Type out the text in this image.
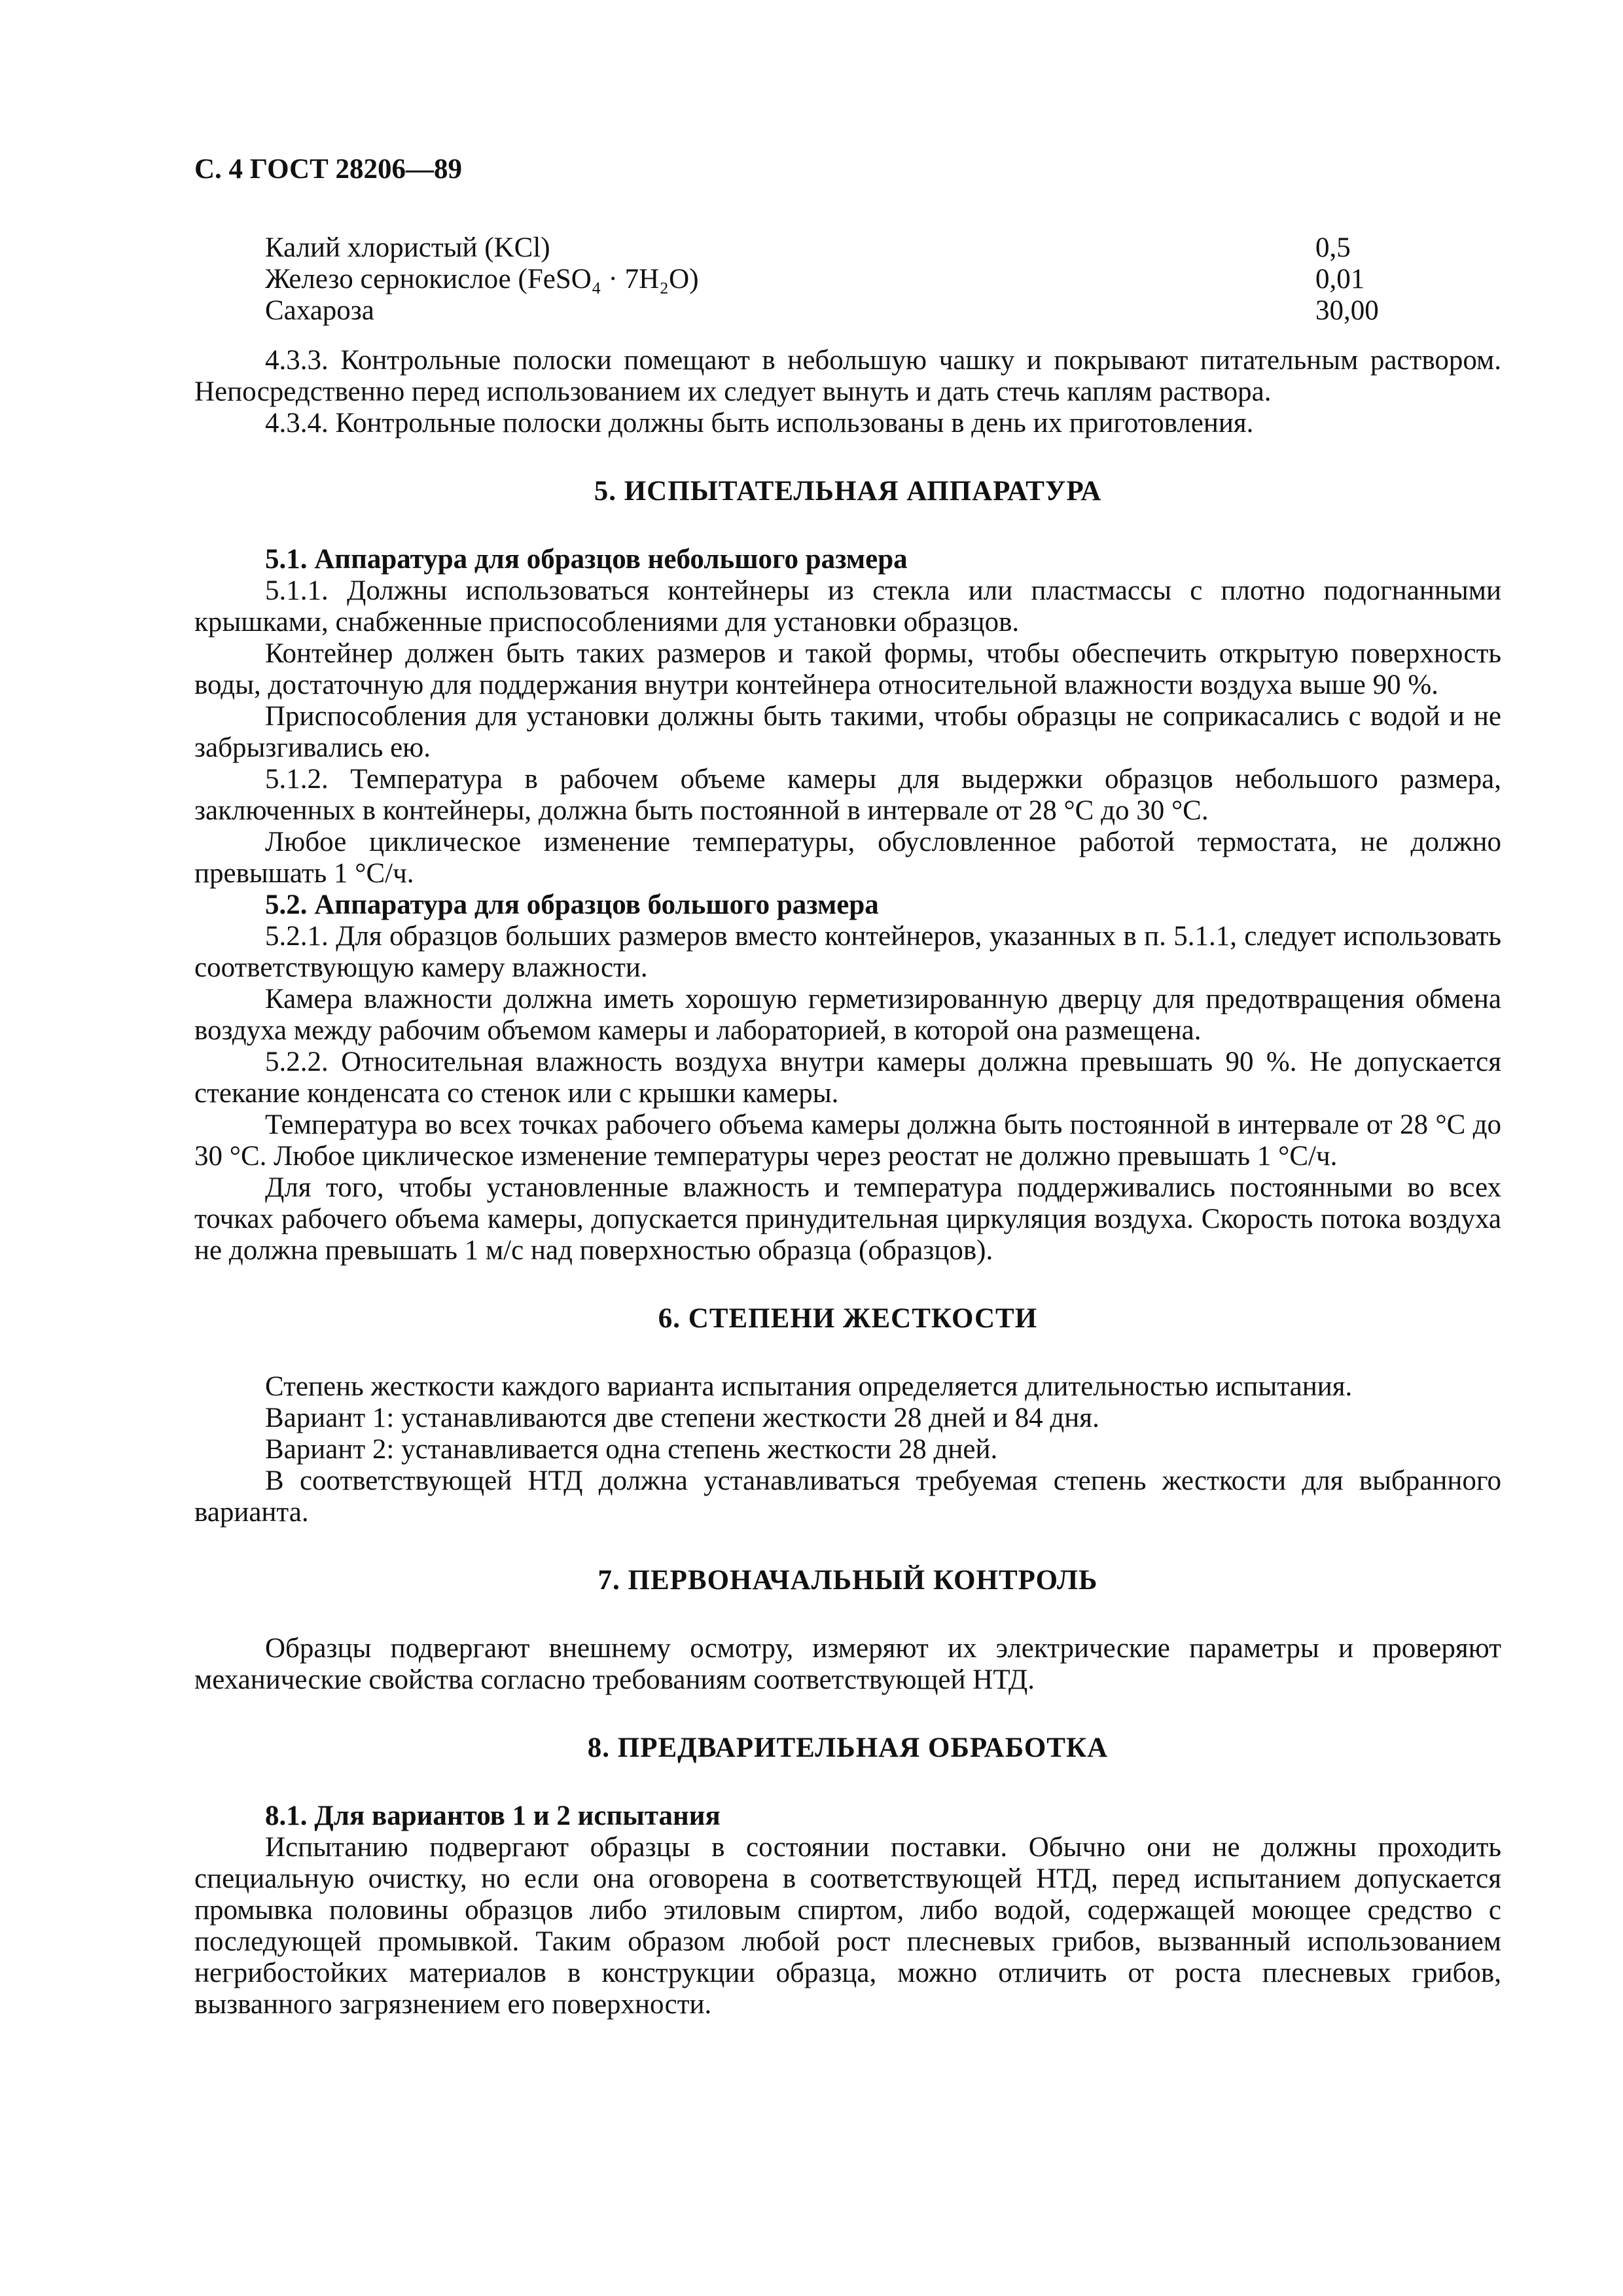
С. 4 ГОСТ 28206—89
Калий хлористый (KCl)	0,5
Железо сернокислое (FeSO₄ · 7H₂O)	0,01
Сахароза	30,00

4.3.3. Контрольные полоски помещают в небольшую чашку и покрывают питательным раствором. Непосредственно перед использованием их следует вынуть и дать стечь каплям раствора.

4.3.4. Контрольные полоски должны быть использованы в день их приготовления.

5. ИСПЫТАТЕЛЬНАЯ АППАРАТУРА

5.1. Аппаратура для образцов небольшого размера

5.1.1. Должны использоваться контейнеры из стекла или пластмассы с плотно подогнанными крышками, снабженные приспособлениями для установки образцов.

Контейнер должен быть таких размеров и такой формы, чтобы обеспечить открытую поверхность воды, достаточную для поддержания внутри контейнера относительной влажности воздуха выше 90 %.

Приспособления для установки должны быть такими, чтобы образцы не соприкасались с водой и не забрызгивались ею.

5.1.2. Температура в рабочем объеме камеры для выдержки образцов небольшого размера, заключенных в контейнеры, должна быть постоянной в интервале от 28 °С до 30 °С.

Любое циклическое изменение температуры, обусловленное работой термостата, не должно превышать 1 °С/ч.

5.2. Аппаратура для образцов большого размера

5.2.1. Для образцов больших размеров вместо контейнеров, указанных в п. 5.1.1, следует использовать соответствующую камеру влажности.

Камера влажности должна иметь хорошую герметизированную дверцу для предотвращения обмена воздуха между рабочим объемом камеры и лабораторией, в которой она размещена.

5.2.2. Относительная влажность воздуха внутри камеры должна превышать 90 %. Не допускается стекание конденсата со стенок или с крышки камеры.

Температура во всех точках рабочего объема камеры должна быть постоянной в интервале от 28 °С до 30 °С. Любое циклическое изменение температуры через реостат не должно превышать 1 °С/ч.

Для того, чтобы установленные влажность и температура поддерживались постоянными во всех точках рабочего объема камеры, допускается принудительная циркуляция воздуха. Скорость потока воздуха не должна превышать 1 м/с над поверхностью образца (образцов).

6. СТЕПЕНИ ЖЕСТКОСТИ

Степень жесткости каждого варианта испытания определяется длительностью испытания.

Вариант 1: устанавливаются две степени жесткости 28 дней и 84 дня.

Вариант 2: устанавливается одна степень жесткости 28 дней.

В соответствующей НТД должна устанавливаться требуемая степень жесткости для выбранного варианта.

7. ПЕРВОНАЧАЛЬНЫЙ КОНТРОЛЬ

Образцы подвергают внешнему осмотру, измеряют их электрические параметры и проверяют механические свойства согласно требованиям соответствующей НТД.

8. ПРЕДВАРИТЕЛЬНАЯ ОБРАБОТКА

8.1. Для вариантов 1 и 2 испытания

Испытанию подвергают образцы в состоянии поставки. Обычно они не должны проходить специальную очистку, но если она оговорена в соответствующей НТД, перед испытанием допускается промывка половины образцов либо этиловым спиртом, либо водой, содержащей моющее средство с последующей промывкой. Таким образом любой рост плесневых грибов, вызванный использованием негрибостойких материалов в конструкции образца, можно отличить от роста плесневых грибов, вызванного загрязнением его поверхности.
